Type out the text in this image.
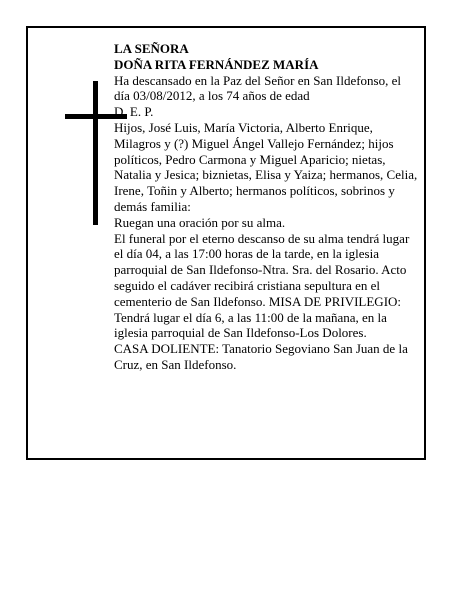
LA SEÑORA

DOÑA RITA FERNÁNDEZ MARÍA

Ha descansado en la Paz del Señor en San Ildefonso, el día 03/08/2012, a los 74 años de edad

D. E. P.

Hijos, José Luis, María Victoria, Alberto Enrique, Milagros y (?) Miguel Ángel Vallejo Fernández; hijos políticos, Pedro Carmona y Miguel Aparicio; nietas, Natalia y Jesica; biznietas, Elisa y Yaiza; hermanos, Celia, Irene, Toñin y Alberto; hermanos políticos, sobrinos y demás familia:

Ruegan una oración por su alma.

El funeral por el eterno descanso de su alma tendrá lugar el día 04, a las 17:00 horas de la tarde, en la iglesia parroquial de San Ildefonso-Ntra. Sra. del Rosario. Acto seguido el cadáver recibirá cristiana sepultura en el cementerio de San Ildefonso. MISA DE PRIVILEGIO: Tendrá lugar el día 6, a las 11:00 de la mañana, en la iglesia parroquial de San Ildefonso-Los Dolores.

CASA DOLIENTE: Tanatorio Segoviano San Juan de la Cruz, en San Ildefonso.
